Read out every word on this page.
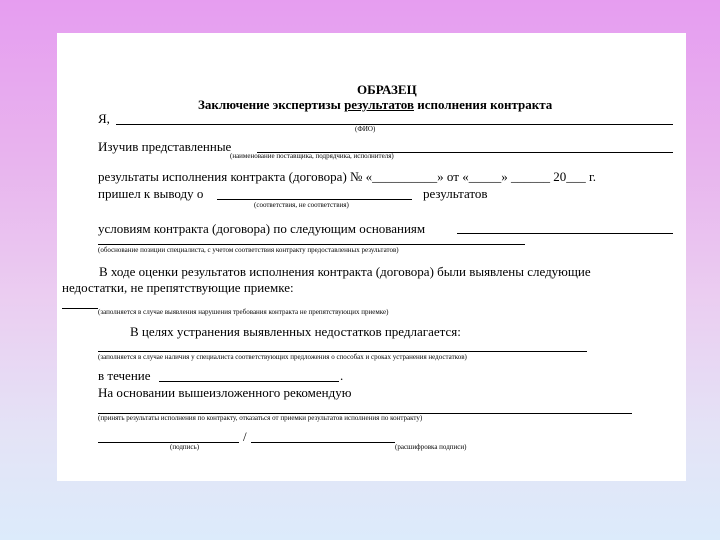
ОБРАЗЕЦ
Заключение экспертизы результатов исполнения контракта
Я,
(ФИО)
Изучив представленные
(наименование поставщика, подрядчика, исполнителя)
результаты исполнения контракта (договора) № «__________» от «_____» ______ 20___ г.
пришел к выводу о	результатов
(соответствия, не соответствия)
условиям контракта (договора) по следующим основаниям
(обоснование позиции специалиста, с учетом соответствия контракту предоставленных результатов)
В ходе оценки результатов исполнения контракта (договора) были выявлены следующие
недостатки, не препятствующие приемке:
(заполняется в случае выявления нарушения требования контракта не препятствующих приемке)
В целях устранения выявленных недостатков предлагается:
(заполняется в случае наличия у специалиста соответствующих предложения о способах и сроках устранения недостатков)
в течение	.
На основании вышеизложенного рекомендую
(принять результаты исполнения по контракту, отказаться от приемки результатов исполнения по контракту)
/
(подпись)	(расшифровка подписи)
